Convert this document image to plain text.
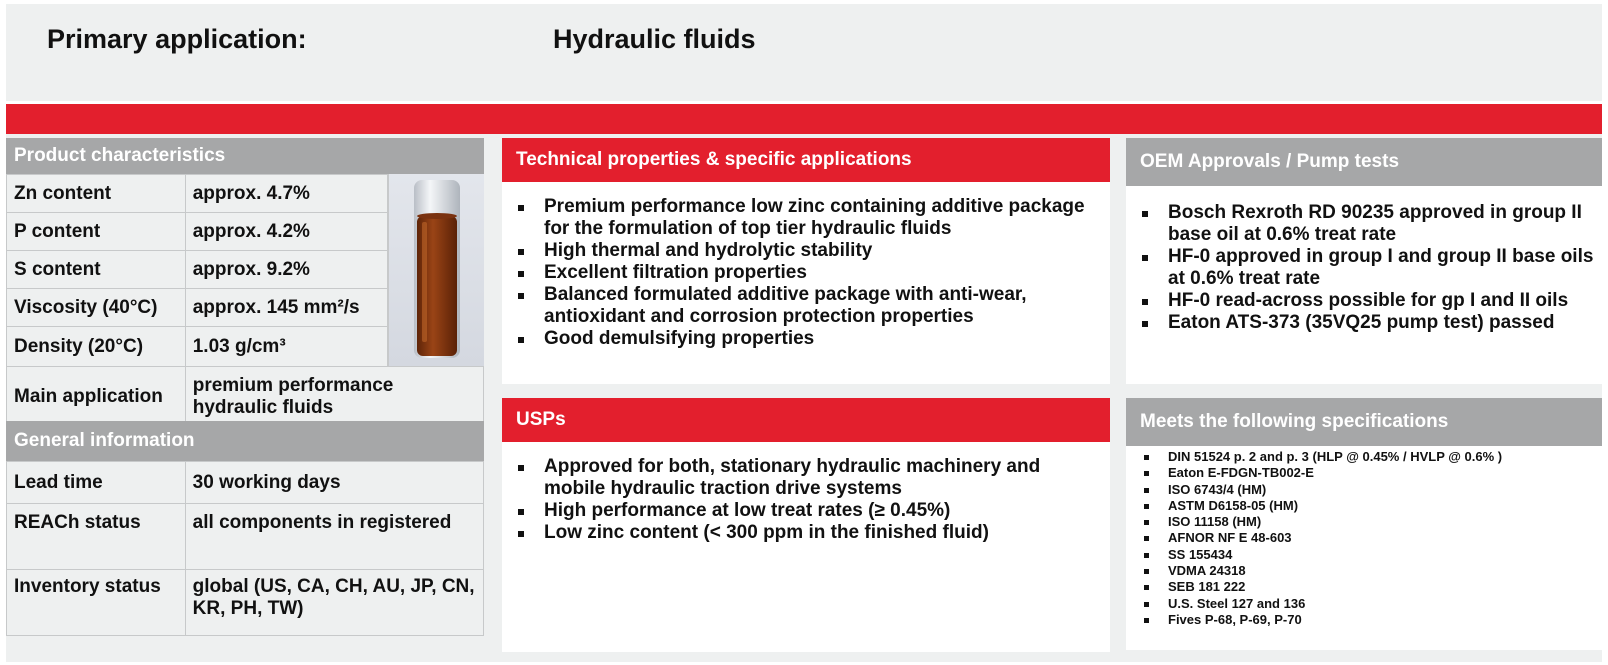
Primary application:	Hydraulic fluids
Product characteristics
Zn content	approx. 4.7%	
P content	approx. 4.2%	
S content	approx. 9.2%	
Viscosity (40°C)	approx. 145 mm²/s	
Density (20°C)	1.03 g/cm³	
Main application	premium performance hydraulic fluids	
General information
Lead time	30 working days
REACh status	all components in registered
Inventory status	global (US, CA, CH, AU, JP, CN, KR, PH, TW)
Technical properties & specific applications
Premium performance low zinc containing additive package for the formulation of top tier hydraulic fluids
High thermal and hydrolytic stability
Excellent filtration properties
Balanced formulated additive package with anti-wear, antioxidant and corrosion protection properties
Good demulsifying properties
USPs
Approved for both, stationary hydraulic machinery and mobile hydraulic traction drive systems
High performance at low treat rates (≥ 0.45%)
Low zinc content (< 300 ppm in the finished fluid)
OEM Approvals / Pump tests
Bosch Rexroth RD 90235 approved in group II base oil at 0.6% treat rate
HF-0 approved in group I and group II base oils at 0.6% treat rate
HF-0 read-across possible for gp I and II oils
Eaton ATS-373 (35VQ25 pump test) passed
Meets the following specifications
DIN 51524 p. 2 and p. 3 (HLP @ 0.45% / HVLP @ 0.6% )
Eaton E-FDGN-TB002-E
ISO 6743/4 (HM)
ASTM D6158-05 (HM)
ISO 11158 (HM)
AFNOR NF E 48-603
SS 155434
VDMA 24318
SEB 181 222
U.S. Steel 127 and 136
Fives P-68, P-69, P-70
